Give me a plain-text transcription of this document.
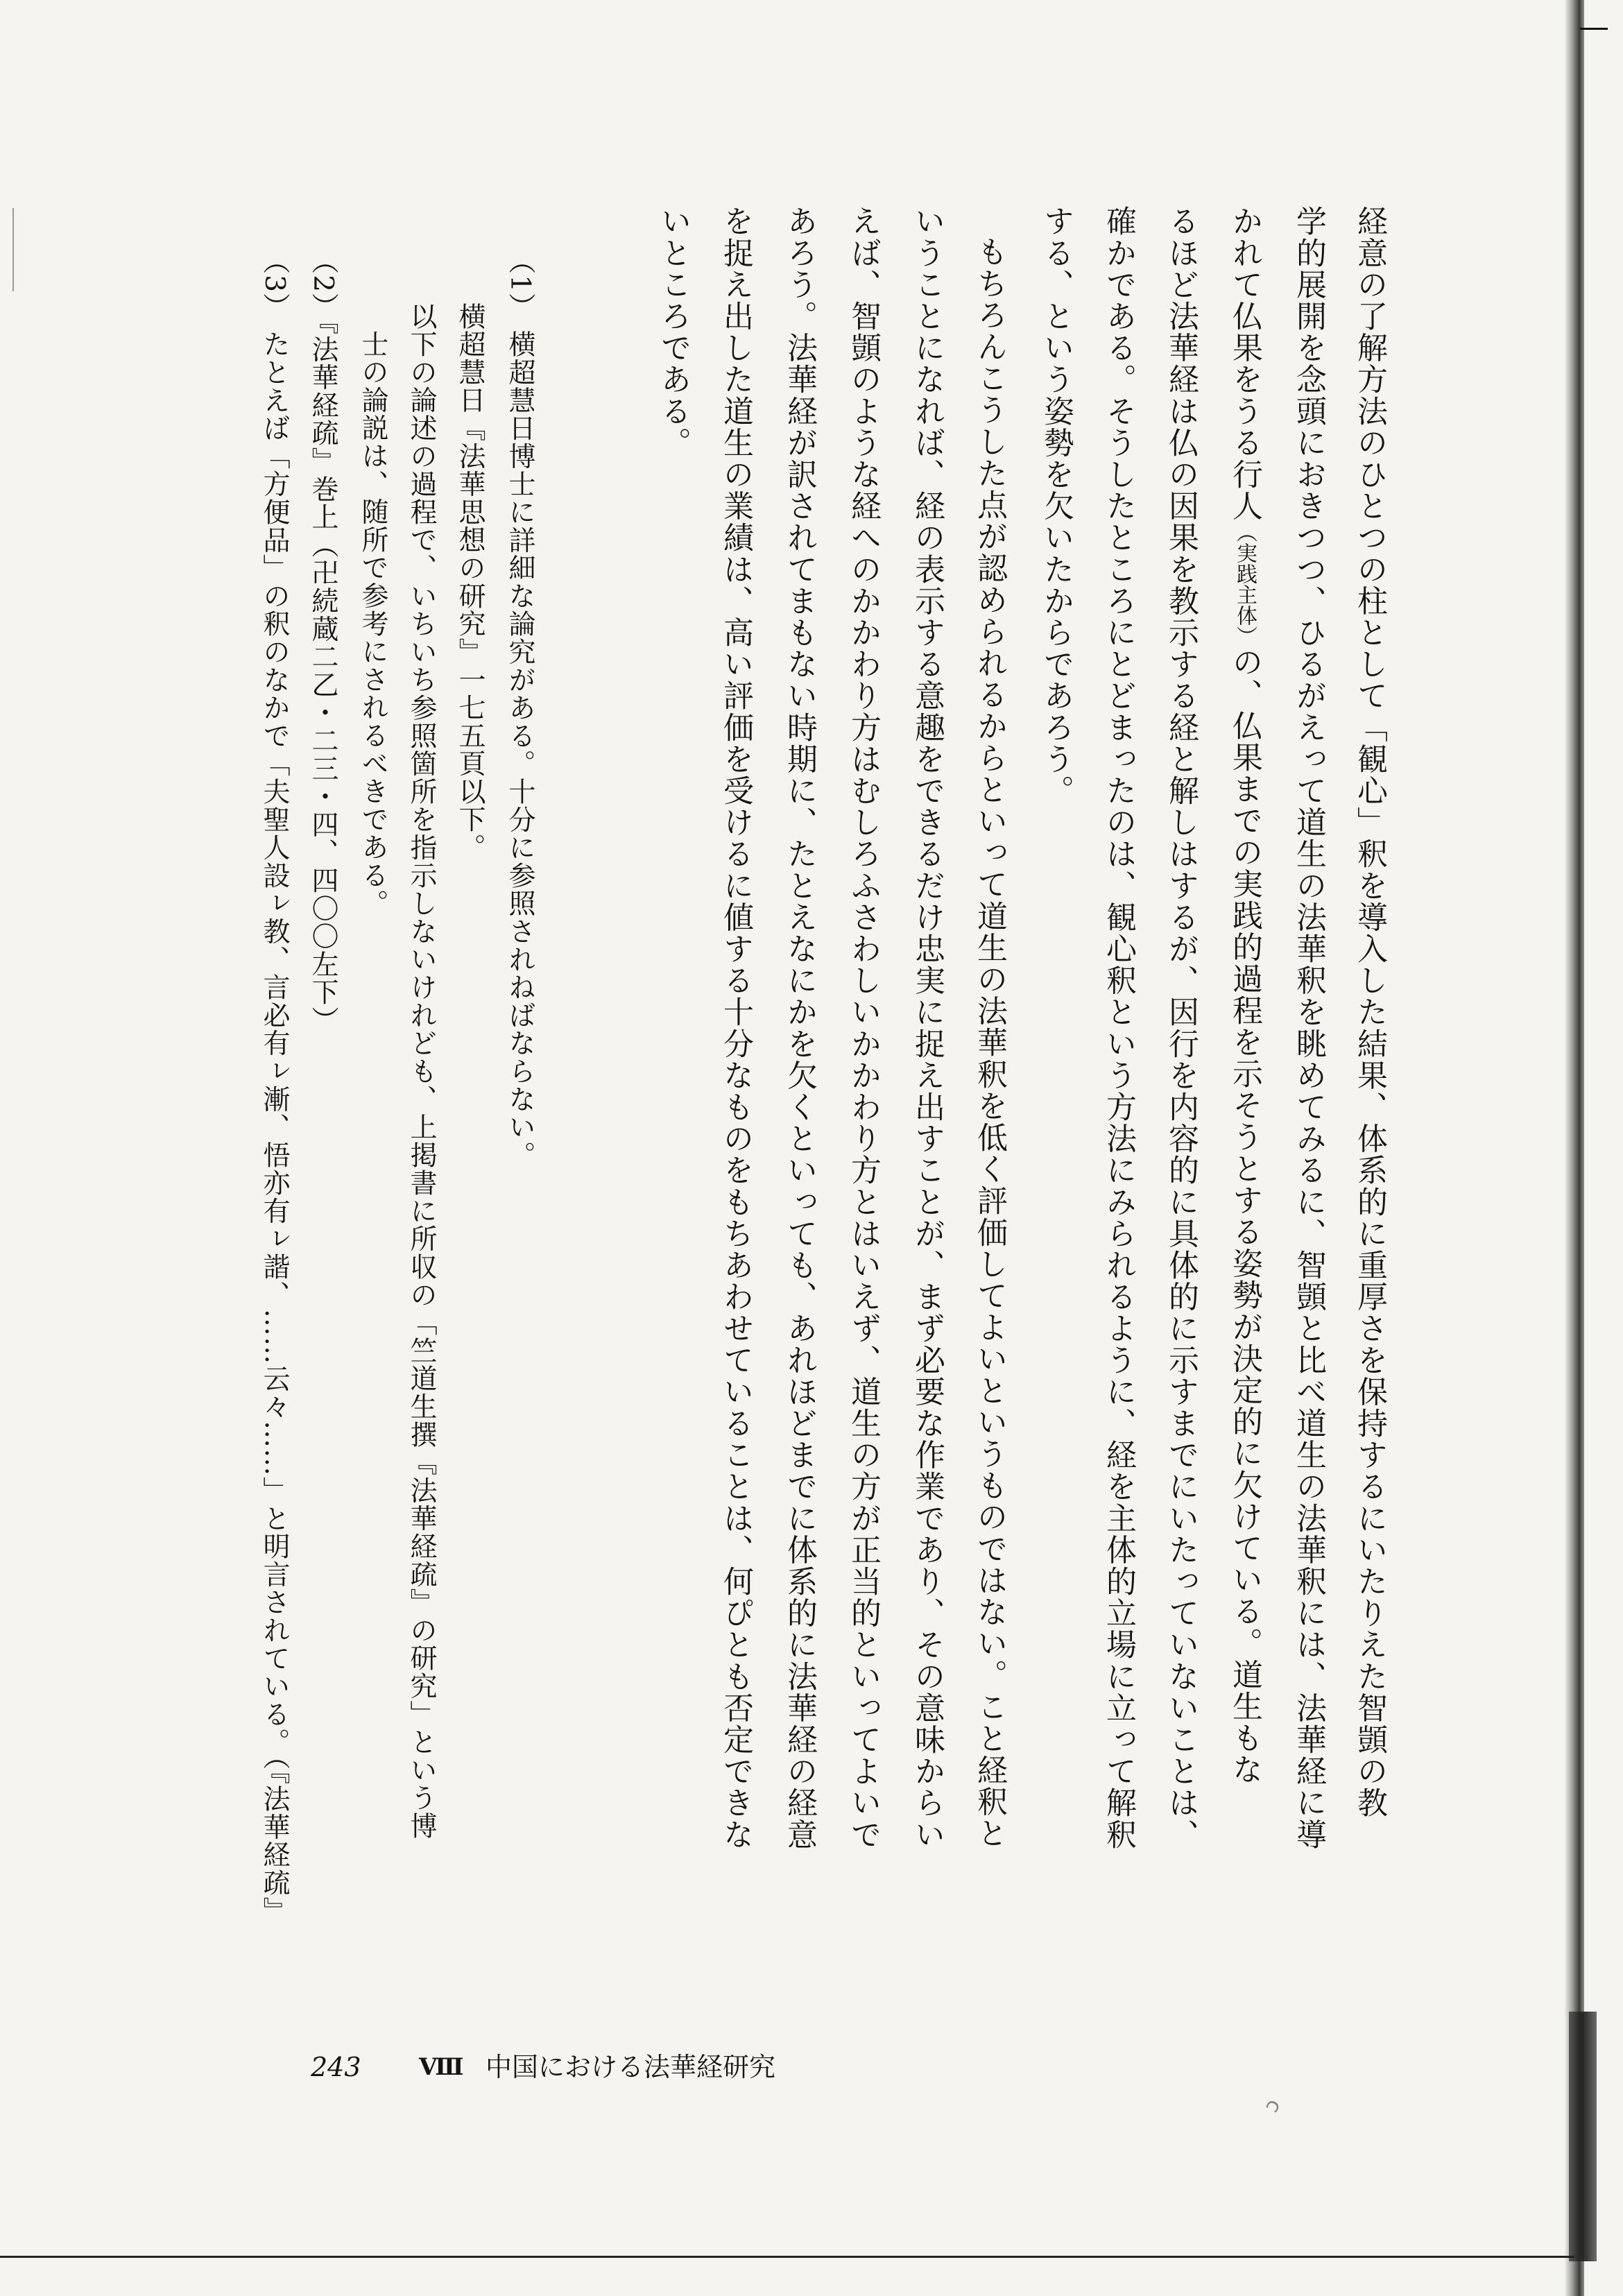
経意の了解方法のひとつの柱として「観心」釈を導入した結果、体系的に重厚さを保持するにいたりえた智顗の教

学的展開を念頭におきつつ、ひるがえって道生の法華釈を眺めてみるに、智顗と比べ道生の法華釈には、法華経に導

かれて仏果をうる行人（実践主体）の、仏果までの実践的過程を示そうとする姿勢が決定的に欠けている。道生もな

るほど法華経は仏の因果を教示する経と解しはするが、因行を内容的に具体的に示すまでにいたっていないことは、

確かである。そうしたところにとどまったのは、観心釈という方法にみられるように、経を主体的立場に立って解釈

する、という姿勢を欠いたからであろう。

もちろんこうした点が認められるからといって道生の法華釈を低く評価してよいというものではない。こと経釈と

いうことになれば、経の表示する意趣をできるだけ忠実に捉え出すことが、まず必要な作業であり、その意味からい

えば、智顗のような経へのかかわり方はむしろふさわしいかかわり方とはいえず、道生の方が正当的といってよいで

あろう。法華経が訳されてまもない時期に、たとえなにかを欠くといっても、あれほどまでに体系的に法華経の経意

を捉え出した道生の業績は、高い評価を受けるに値する十分なものをもちあわせていることは、何ぴとも否定できな

いところである。

（1） 横超慧日博士に詳細な論究がある。十分に参照されねばならない。

横超慧日『法華思想の研究』一七五頁以下。

以下の論述の過程で、いちいち参照箇所を指示しないけれども、上掲書に所収の「竺道生撰『法華経疏』の研究」という博

士の論説は、随所で参考にされるべきである。

（2）『法華経疏』巻上（卍続蔵二乙・二三・四、四〇〇左下）

（3） たとえば「方便品」の釈のなかで「夫聖人設ㇾ教、言必有ㇾ漸、悟亦有ㇾ諧、……云々……」と明言されている。（『法華経疏』

243 Ⅷ 中国における法華経研究
ↄ
